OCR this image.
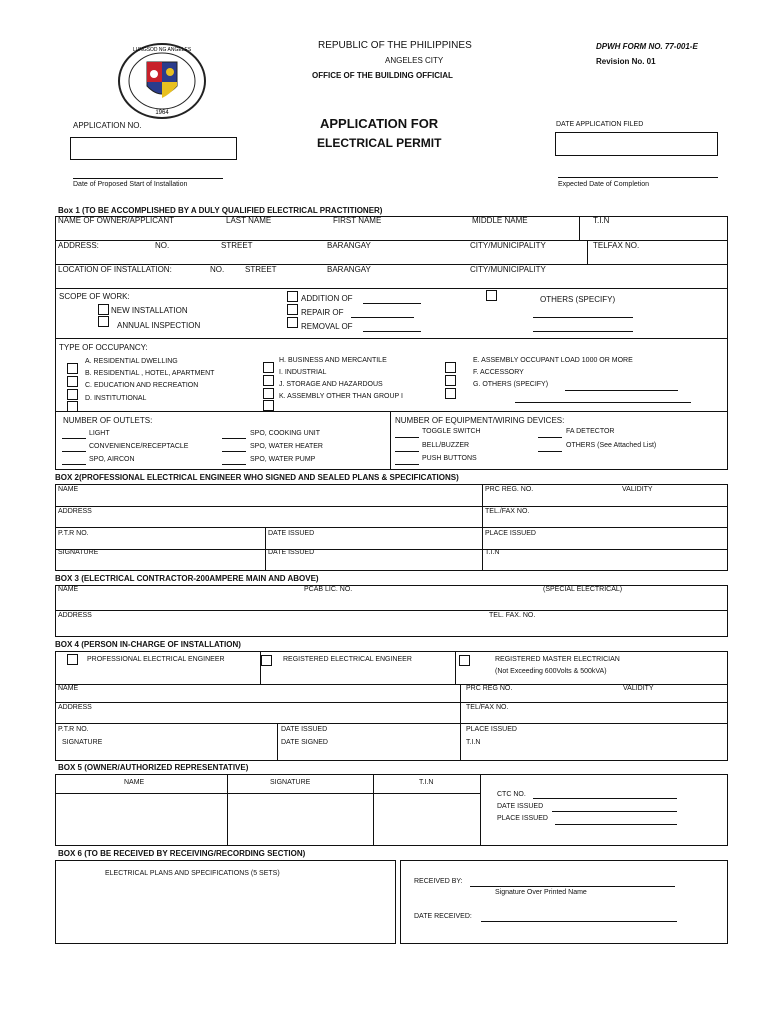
1964
LUNGSOD NG ANGELES	REPUBLIC OF THE PHILIPPINES
ANGELES CITY
OFFICE OF THE BUILDING OFFICIAL
DPWH FORM NO. 77-001-E
Revision No. 01
APPLICATION FOR
ELECTRICAL PERMIT
APPLICATION NO.	DATE APPLICATION FILED
Date of Proposed Start of Installation	Expected Date of Completion
Box 1 (TO BE ACCOMPLISHED BY A DULY QUALIFIED ELECTRICAL PRACTITIONER)
NAME OF OWNER/APPLICANT	LAST NAME	FIRST NAME	MIDDLE NAME	T.I.N
ADDRESS:	NO.	STREET	BARANGAY	CITY/MUNICIPALITY	TELFAX NO.
LOCATION OF INSTALLATION:	NO.	STREET	BARANGAY	CITY/MUNICIPALITY
SCOPE OF WORK:
NEW INSTALLATION
ANNUAL INSPECTION
ADDITION OF
REPAIR OF
REMOVAL OF
OTHERS (SPECIFY)
TYPE OF OCCUPANCY:
A. RESIDENTIAL DWELLING
B. RESIDENTIAL , HOTEL, APARTMENT
C. EDUCATION AND RECREATION
D. INSTITUTIONAL
H. BUSINESS AND MERCANTILE
I. INDUSTRIAL
J. STORAGE AND HAZARDOUS
K. ASSEMBLY OTHER THAN GROUP I
E. ASSEMBLY OCCUPANT LOAD 1000 OR MORE
F. ACCESSORY
G. OTHERS (SPECIFY)
NUMBER OF OUTLETS:
LIGHT
CONVENIENCE/RECEPTACLE
SPO, AIRCON
SPO, COOKING UNIT
SPO, WATER HEATER
SPO, WATER PUMP
NUMBER OF EQUIPMENT/WIRING DEVICES:
TOGGLE SWITCH
BELL/BUZZER
PUSH BUTTONS
FA DETECTOR
OTHERS (See Attached List)
BOX 2(PROFESSIONAL ELECTRICAL ENGINEER WHO SIGNED AND SEALED PLANS & SPECIFICATIONS)
NAME	PRC REG. NO.	VALIDITY
ADDRESS	TEL./FAX NO.
P.T.R NO.	DATE ISSUED	PLACE ISSUED
SIGNATURE	DATE ISSUED	T.I.N
BOX 3 (ELECTRICAL CONTRACTOR-200AMPERE MAIN AND ABOVE)
NAME	PCAB LIC. NO.	(SPECIAL ELECTRICAL)
ADDRESS	TEL. FAX. NO.
BOX 4 (PERSON IN-CHARGE OF INSTALLATION)
PROFESSIONAL ELECTRICAL ENGINEER	REGISTERED ELECTRICAL ENGINEER	REGISTERED MASTER ELECTRICIAN
(Not Exceeding 600Volts & 500kVA)
NAME	PRC REG NO.	VALIDITY
ADDRESS	TEL/FAX NO.
P.T.R NO.	DATE ISSUED	PLACE ISSUED
SIGNATURE	DATE SIGNED	T.I.N
BOX 5 (OWNER/AUTHORIZED REPRESENTATIVE)
NAME	SIGNATURE	T.I.N
CTC NO.
DATE ISSUED
PLACE ISSUED
BOX 6 (TO BE RECEIVED BY RECEIVING/RECORDING SECTION)
ELECTRICAL PLANS AND SPECIFICATIONS (5 SETS)
RECEIVED BY:
Signature Over Printed Name
DATE RECEIVED:
